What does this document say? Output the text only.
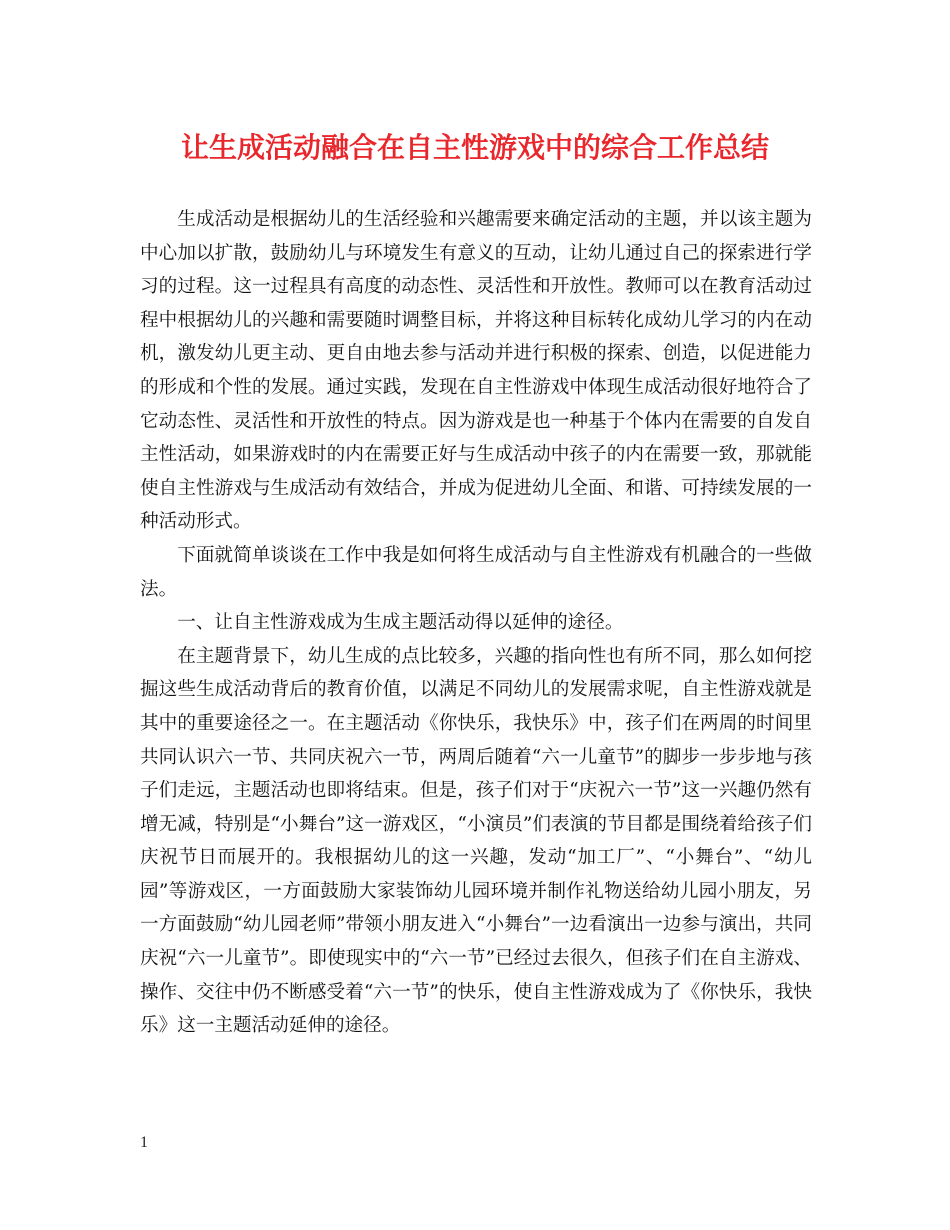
让生成活动融合在自主性游戏中的综合工作总结

生成活动是根据幼儿的生活经验和兴趣需要来确定活动的主题，并以该主题为中心加以扩散，鼓励幼儿与环境发生有意义的互动，让幼儿通过自己的探索进行学习的过程。这一过程具有高度的动态性、灵活性和开放性。教师可以在教育活动过程中根据幼儿的兴趣和需要随时调整目标，并将这种目标转化成幼儿学习的内在动机，激发幼儿更主动、更自由地去参与活动并进行积极的探索、创造，以促进能力的形成和个性的发展。通过实践，发现在自主性游戏中体现生成活动很好地符合了它动态性、灵活性和开放性的特点。因为游戏是也一种基于个体内在需要的自发自主性活动，如果游戏时的内在需要正好与生成活动中孩子的内在需要一致，那就能使自主性游戏与生成活动有效结合，并成为促进幼儿全面、和谐、可持续发展的一种活动形式。

下面就简单谈谈在工作中我是如何将生成活动与自主性游戏有机融合的一些做法。

一、让自主性游戏成为生成主题活动得以延伸的途径。

在主题背景下，幼儿生成的点比较多，兴趣的指向性也有所不同，那么如何挖掘这些生成活动背后的教育价值，以满足不同幼儿的发展需求呢，自主性游戏就是其中的重要途径之一。在主题活动《你快乐，我快乐》中，孩子们在两周的时间里共同认识六一节、共同庆祝六一节，两周后随着“六一儿童节”的脚步一步步地与孩子们走远，主题活动也即将结束。但是，孩子们对于“庆祝六一节”这一兴趣仍然有增无减，特别是“小舞台”这一游戏区，“小演员”们表演的节目都是围绕着给孩子们庆祝节日而展开的。我根据幼儿的这一兴趣，发动“加工厂”、“小舞台”、“幼儿园”等游戏区，一方面鼓励大家装饰幼儿园环境并制作礼物送给幼儿园小朋友，另一方面鼓励“幼儿园老师”带领小朋友进入“小舞台”一边看演出一边参与演出，共同庆祝“六一儿童节”。即使现实中的“六一节”已经过去很久，但孩子们在自主游戏、操作、交往中仍不断感受着“六一节”的快乐，使自主性游戏成为了《你快乐，我快乐》这一主题活动延伸的途径。

1
